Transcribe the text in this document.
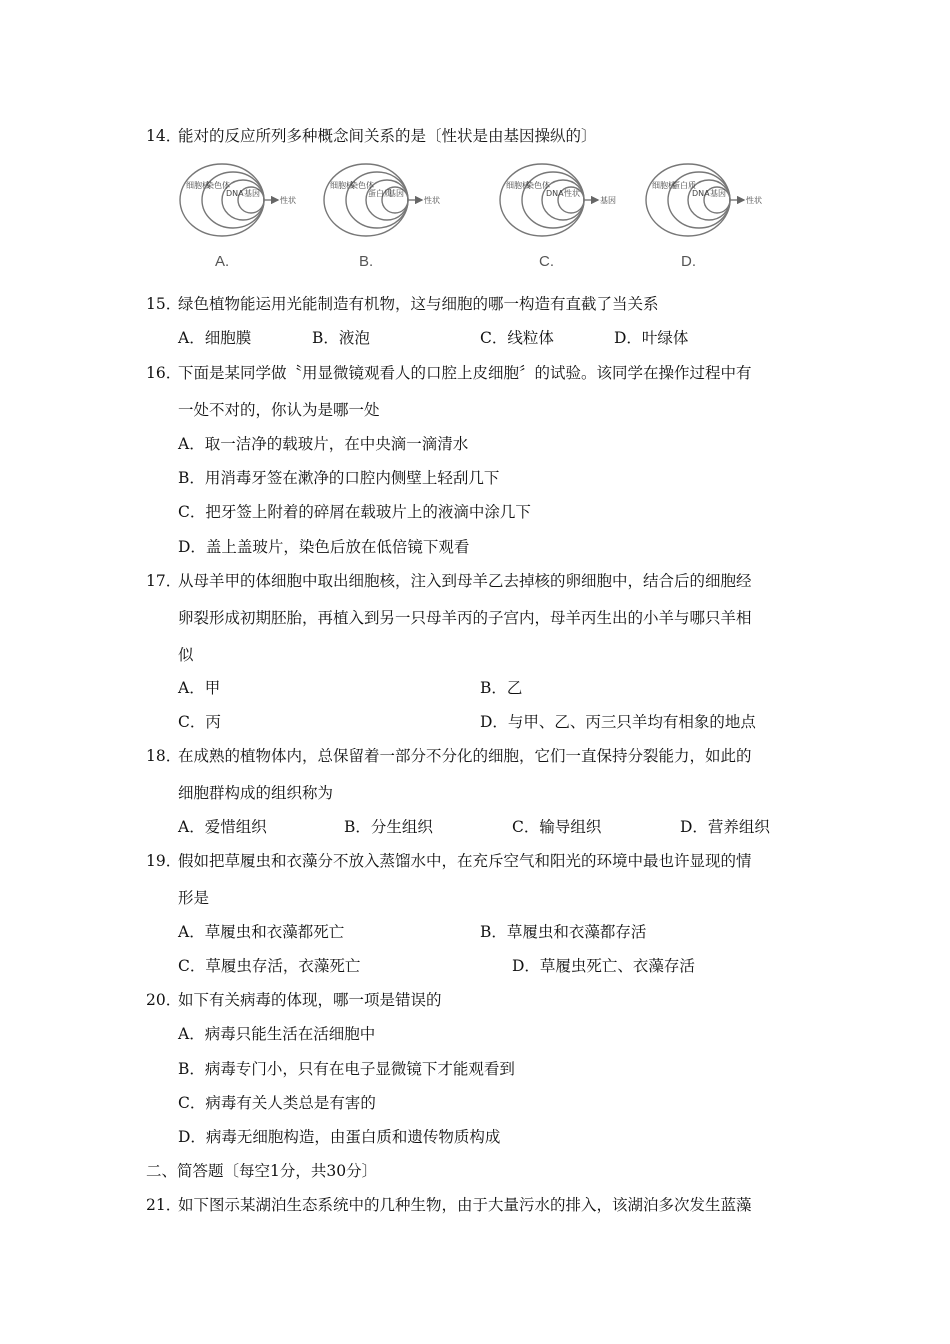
14．
能对的反应所列多种概念间关系的是〔性状是由基因操纵的〕
细胞核
染色体
DNA 基因
性状
细胞核
染色体
蛋白质
基因
性状
细胞核
染色体
DNA 性状
基因
细胞核
蛋白质
DNA 基因
性状
A.	B.	C.	D.
15．
绿色植物能运用光能制造有机物，这与细胞的哪一构造有直截了当关系
A．细胞膜	B．液泡	C．线粒体	D．叶绿体
16．
下面是某同学做〝用显微镜观看人的口腔上皮细胞〞的试验。该同学在操作过程中有
一处不对的，你认为是哪一处
A．取一洁净的载玻片，在中央滴一滴清水
B．用消毒牙签在漱净的口腔内侧壁上轻刮几下
C．把牙签上附着的碎屑在载玻片上的液滴中涂几下
D．盖上盖玻片，染色后放在低倍镜下观看
17．
从母羊甲的体细胞中取出细胞核，注入到母羊乙去掉核的卵细胞中，结合后的细胞经
卵裂形成初期胚胎，再植入到另一只母羊丙的子宫内，母羊丙生出的小羊与哪只羊相
似
A．甲	B．乙
C．丙	D．与甲、乙、丙三只羊均有相象的地点
18．
在成熟的植物体内，总保留着一部分不分化的细胞，它们一直保持分裂能力，如此的
细胞群构成的组织称为
A．爱惜组织	B．分生组织	C．输导组织	D．营养组织
19．
假如把草履虫和衣藻分不放入蒸馏水中，在充斥空气和阳光的环境中最也许显现的情
形是
A．草履虫和衣藻都死亡	B．草履虫和衣藻都存活
C．草履虫存活，衣藻死亡	D．草履虫死亡、衣藻存活
20．
如下有关病毒的体现，哪一项是错误的
A．病毒只能生活在活细胞中
B．病毒专门小，只有在电子显微镜下才能观看到
C．病毒有关人类总是有害的
D．病毒无细胞构造，由蛋白质和遗传物质构成
二、简答题〔每空1分，共30分〕
21．
如下图示某湖泊生态系统中的几种生物，由于大量污水的排入，该湖泊多次发生蓝藻
